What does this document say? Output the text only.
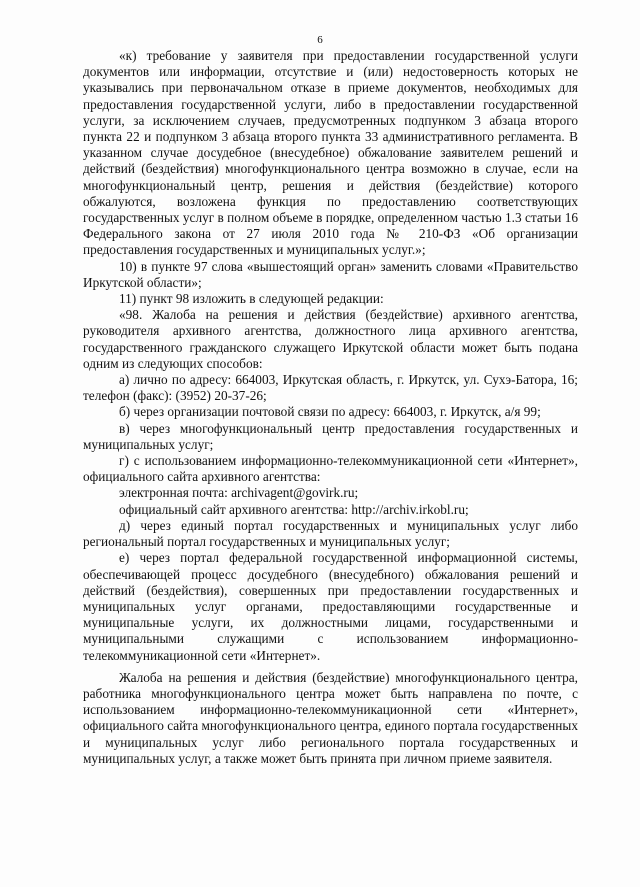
6

«к) требование у заявителя при предоставлении государственной услуги документов или информации, отсутствие и (или) недостоверность которых не указывались при первоначальном отказе в приеме документов, необходимых для предоставления государственной услуги, либо в предоставлении государственной услуги, за исключением случаев, предусмотренных подпунком 3 абзаца второго пункта 22 и подпунком 3 абзаца второго пункта 33 административного регламента. В указанном случае досудебное (внесудебное) обжалование заявителем решений и действий (бездействия) многофункционального центра возможно в случае, если на многофункциональный центр, решения и действия (бездействие) которого обжалуются, возложена функция по предоставлению соответствующих государственных услуг в полном объеме в порядке, определенном частью 1.3 статьи 16 Федерального закона от 27 июля 2010 года № 210-ФЗ «Об организации предоставления государственных и муниципальных услуг.»;

10) в пункте 97 слова «вышестоящий орган» заменить словами «Правительство Иркутской области»;

11) пункт 98 изложить в следующей редакции:

«98. Жалоба на решения и действия (бездействие) архивного агентства, руководителя архивного агентства, должностного лица архивного агентства, государственного гражданского служащего Иркутской области может быть подана одним из следующих способов:

а) лично по адресу: 664003, Иркутская область, г. Иркутск, ул. Сухэ-Батора, 16; телефон (факс): (3952) 20-37-26;

б) через организации почтовой связи по адресу: 664003, г. Иркутск, а/я 99;

в) через многофункциональный центр предоставления государственных и муниципальных услуг;

г) с использованием информационно-телекоммуникационной сети «Интернет», официального сайта архивного агентства:

электронная почта: archivagent@govirk.ru;

официальный сайт архивного агентства: http://archiv.irkobl.ru;

д) через единый портал государственных и муниципальных услуг либо региональный портал государственных и муниципальных услуг;

е) через портал федеральной государственной информационной системы, обеспечивающей процесс досудебного (внесудебного) обжалования решений и действий (бездействия), совершенных при предоставлении государственных и муниципальных услуг органами, предоставляющими государственные и муниципальные услуги, их должностными лицами, государственными и муниципальными служащими с использованием информационно-телекоммуникационной сети «Интернет».

Жалоба на решения и действия (бездействие) многофункционального центра, работника многофункционального центра может быть направлена по почте, с использованием информационно-телекоммуникационной сети «Интернет», официального сайта многофункционального центра, единого портала государственных и муниципальных услуг либо регионального портала государственных и муниципальных услуг, а также может быть принята при личном приеме заявителя.
